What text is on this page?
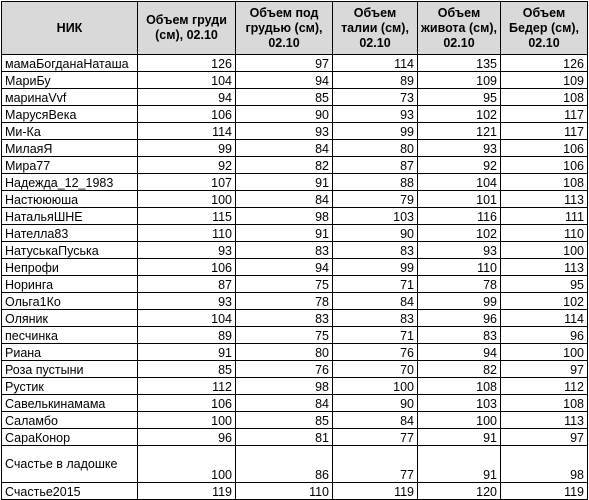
НИК	Объем груди (см), 02.10	Объем под грудью (см), 02.10	Объем талии (см), 02.10	Объем живота (см), 02.10	Объем Бедер (см), 02.10
мамаБогданаНаташа	126	97	114	135	126
МариБу	104	94	89	109	109
маринаVvf	94	85	73	95	108
МарусяВека	106	90	93	102	117
Ми-Ка	114	93	99	121	117
МилаяЯ	99	84	80	93	106
Мира77	92	82	87	92	106
Надежда_12_1983	107	91	88	104	108
Настюююша	100	84	79	101	113
НатальяШНЕ	115	98	103	116	111
Нателла83	110	91	90	102	110
НатуськаПуська	93	83	83	93	100
Непрофи	106	94	99	110	113
Норинга	87	75	71	78	95
Ольга1Ко	93	78	84	99	102
Оляник	104	83	83	96	114
песчинка	89	75	71	83	96
Риана	91	80	76	94	100
Роза пустыни	85	76	70	82	97
Рустик	112	98	100	108	112
Савелькинамама	106	84	90	103	108
Саламбо	100	85	84	100	113
СараКонор	96	81	77	91	97
Счастье в ладошке	100	86	77	91	98
Счастье2015	119	110	119	120	119
